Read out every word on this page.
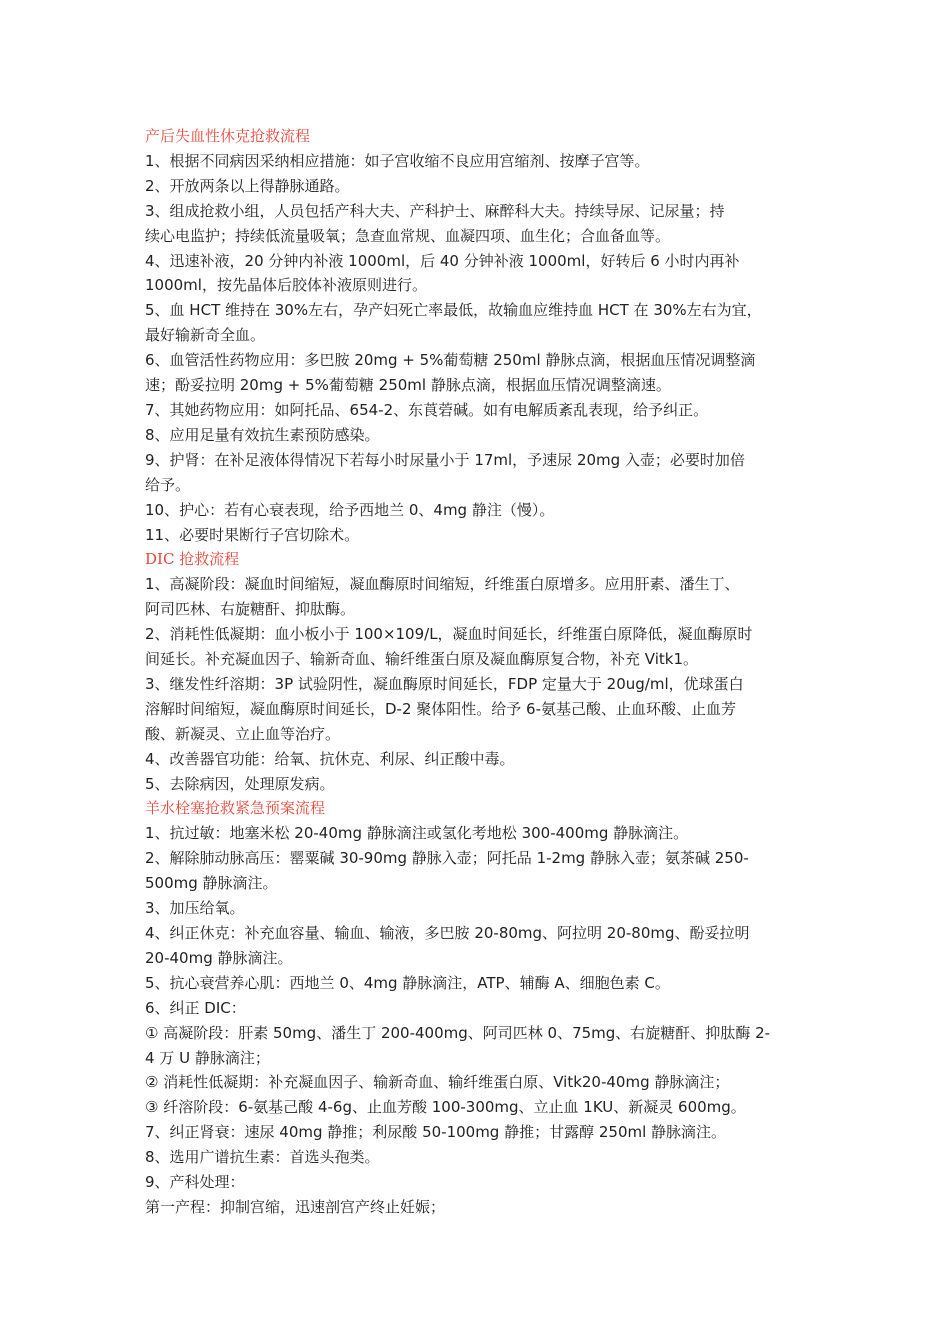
产后失血性休克抢救流程
1、根据不同病因采纳相应措施：如子宫收缩不良应用宫缩剂、按摩子宫等。
2、开放两条以上得静脉通路。
3、组成抢救小组，人员包括产科大夫、产科护士、麻醉科大夫。持续导尿、记尿量；持
续心电监护；持续低流量吸氧；急查血常规、血凝四项、血生化；合血备血等。
4、迅速补液，20 分钟内补液 1000ml，后 40 分钟补液 1000ml，好转后 6 小时内再补
1000ml，按先晶体后胶体补液原则进行。
5、血 HCT 维持在 30%左右，孕产妇死亡率最低，故输血应维持血 HCT 在 30%左右为宜，
最好输新奇全血。
6、血管活性药物应用：多巴胺 20mg + 5%葡萄糖 250ml 静脉点滴，根据血压情况调整滴
速；酚妥拉明 20mg + 5%葡萄糖 250ml 静脉点滴，根据血压情况调整滴速。
7、其她药物应用：如阿托品、654-2、东莨菪碱。如有电解质紊乱表现，给予纠正。
8、应用足量有效抗生素预防感染。
9、护肾：在补足液体得情况下若每小时尿量小于 17ml，予速尿 20mg 入壶；必要时加倍
给予。
10、护心：若有心衰表现，给予西地兰 0、4mg 静注（慢）。
11、必要时果断行子宫切除术。
DIC 抢救流程
1、高凝阶段：凝血时间缩短，凝血酶原时间缩短，纤维蛋白原增多。应用肝素、潘生丁、
阿司匹林、右旋糖酐、抑肽酶。
2、消耗性低凝期：血小板小于 100×109/L，凝血时间延长，纤维蛋白原降低，凝血酶原时
间延长。补充凝血因子、输新奇血、输纤维蛋白原及凝血酶原复合物，补充 Vitk1。
3、继发性纤溶期：3P 试验阴性，凝血酶原时间延长，FDP 定量大于 20ug/ml，优球蛋白
溶解时间缩短，凝血酶原时间延长，D-2 聚体阳性。给予 6-氨基己酸、止血环酸、止血芳
酸、新凝灵、立止血等治疗。
4、改善器官功能：给氧、抗休克、利尿、纠正酸中毒。
5、去除病因，处理原发病。
羊水栓塞抢救紧急预案流程
1、抗过敏：地塞米松 20-40mg 静脉滴注或氢化考地松 300-400mg 静脉滴注。
2、解除肺动脉高压：罂粟碱 30-90mg 静脉入壶；阿托品 1-2mg 静脉入壶；氨茶碱 250-
500mg 静脉滴注。
3、加压给氧。
4、纠正休克：补充血容量、输血、输液，多巴胺 20-80mg、阿拉明 20-80mg、酚妥拉明
20-40mg 静脉滴注。
5、抗心衰营养心肌：西地兰 0、4mg 静脉滴注，ATP、辅酶 A、细胞色素 C。
6、纠正 DIC：
① 高凝阶段：肝素 50mg、潘生丁 200-400mg、阿司匹林 0、75mg、右旋糖酐、抑肽酶 2-
4 万 U 静脉滴注；
② 消耗性低凝期：补充凝血因子、输新奇血、输纤维蛋白原、Vitk20-40mg 静脉滴注；
③ 纤溶阶段：6-氨基己酸 4-6g、止血芳酸 100-300mg、立止血 1KU、新凝灵 600mg。
7、纠正肾衰：速尿 40mg 静推；利尿酸 50-100mg 静推；甘露醇 250ml 静脉滴注。
8、选用广谱抗生素：首选头孢类。
9、产科处理：
第一产程：抑制宫缩，迅速剖宫产终止妊娠；
